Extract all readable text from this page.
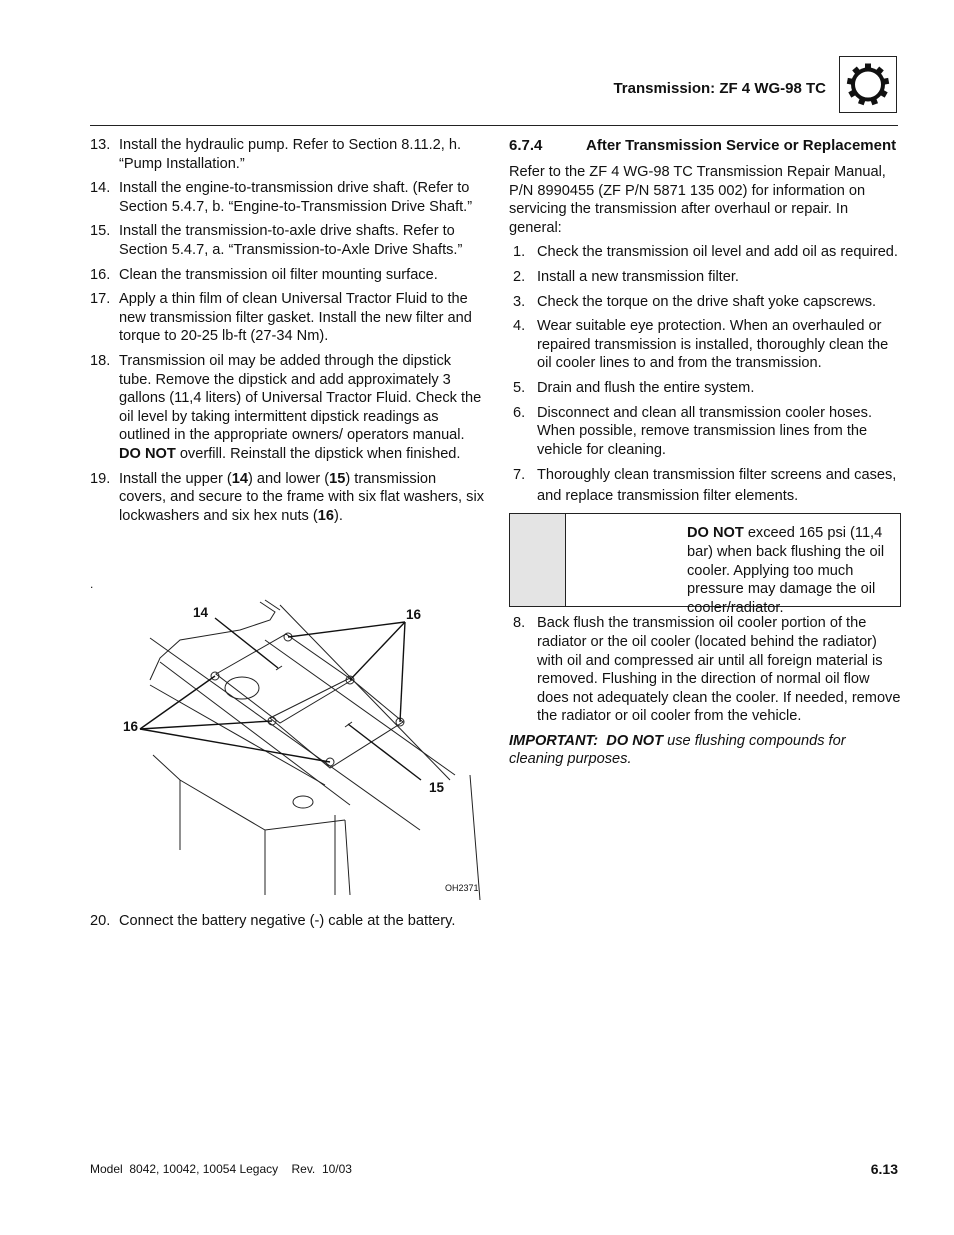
Transmission: ZF 4 WG-98 TC
13. Install the hydraulic pump. Refer to Section 8.11.2, h. “Pump Installation.”
14. Install the engine-to-transmission drive shaft. (Refer to Section 5.4.7, b. “Engine-to-Transmission Drive Shaft.”
15. Install the transmission-to-axle drive shafts. Refer to Section 5.4.7, a. “Transmission-to-Axle Drive Shafts.”
16. Clean the transmission oil filter mounting surface.
17. Apply a thin film of clean Universal Tractor Fluid to the new transmission filter gasket. Install the new filter and torque to 20-25 lb-ft (27-34 Nm).
18. Transmission oil may be added through the dipstick tube. Remove the dipstick and add approximately 3 gallons (11,4 liters) of Universal Tractor Fluid. Check the oil level by taking intermittent dipstick readings as outlined in the appropriate owners/ operators manual. DO NOT overfill. Reinstall the dipstick when finished.
19. Install the upper (14) and lower (15) transmission covers, and secure to the frame with six flat washers, six lockwashers and six hex nuts (16).
.
14	16
16
15
OH2371
20. Connect the battery negative (-) cable at the battery.
6.7.4	After Transmission Service or Replacement
Refer to the ZF 4 WG-98 TC Transmission Repair Manual, P/N 8990455 (ZF P/N 5871 135 002) for information on servicing the transmission after overhaul or repair. In general:
1. Check the transmission oil level and add oil as required.
2. Install a new transmission filter.
3. Check the torque on the drive shaft yoke capscrews.
4. Wear suitable eye protection. When an overhauled or repaired transmission is installed, thoroughly clean the oil cooler lines to and from the transmission.
5. Drain and flush the entire system.
6. Disconnect and clean all transmission cooler hoses. When possible, remove transmission lines from the vehicle for cleaning.
7. Thoroughly clean transmission filter screens and cases, and replace transmission filter elements.
DO NOT exceed 165 psi (11,4 bar) when back flushing the oil cooler. Applying too much pressure may damage the oil cooler/radiator.
8. Back flush the transmission oil cooler portion of the radiator or the oil cooler (located behind the radiator) with oil and compressed air until all foreign material is removed. Flushing in the direction of normal oil flow does not adequately clean the cooler. If needed, remove the radiator or oil cooler from the vehicle.
IMPORTANT: DO NOT use flushing compounds for cleaning purposes.
Model  8042, 10042, 10054 Legacy    Rev.  10/03	6.13
